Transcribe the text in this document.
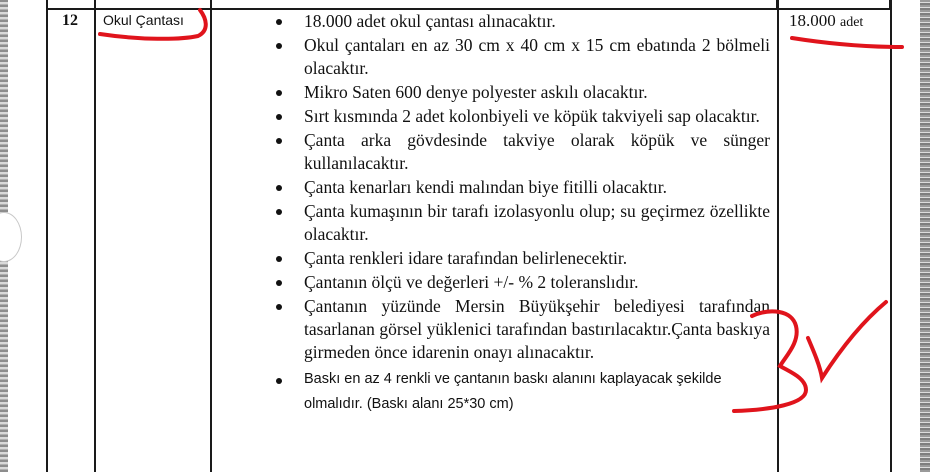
12 Okul Çantası	18.000 adet
18.000 adet okul çantası alınacaktır.
Okul çantaları en az 30 cm x 40 cm x 15 cm ebatında 2 bölmeli olacaktır.
Mikro Saten 600 denye polyester askılı olacaktır.
Sırt kısmında 2 adet kolonbiyeli ve köpük takviyeli sap olacaktır.
Çanta arka gövdesinde takviye olarak köpük ve sünger kullanılacaktır.
Çanta kenarları kendi malından biye fitilli olacaktır.
Çanta kumaşının bir tarafı izolasyonlu olup; su geçirmez özellikte olacaktır.
Çanta renkleri idare tarafından belirlenecektir.
Çantanın ölçü ve değerleri +/- % 2 toleranslıdır.
Çantanın yüzünde Mersin Büyükşehir belediyesi tarafından tasarlanan görsel yüklenici tarafından bastırılacaktır.Çanta baskıya girmeden önce idarenin onayı alınacaktır.
Baskı en az 4 renkli ve çantanın baskı alanını kaplayacak şekilde olmalıdır. (Baskı alanı 25*30 cm)
